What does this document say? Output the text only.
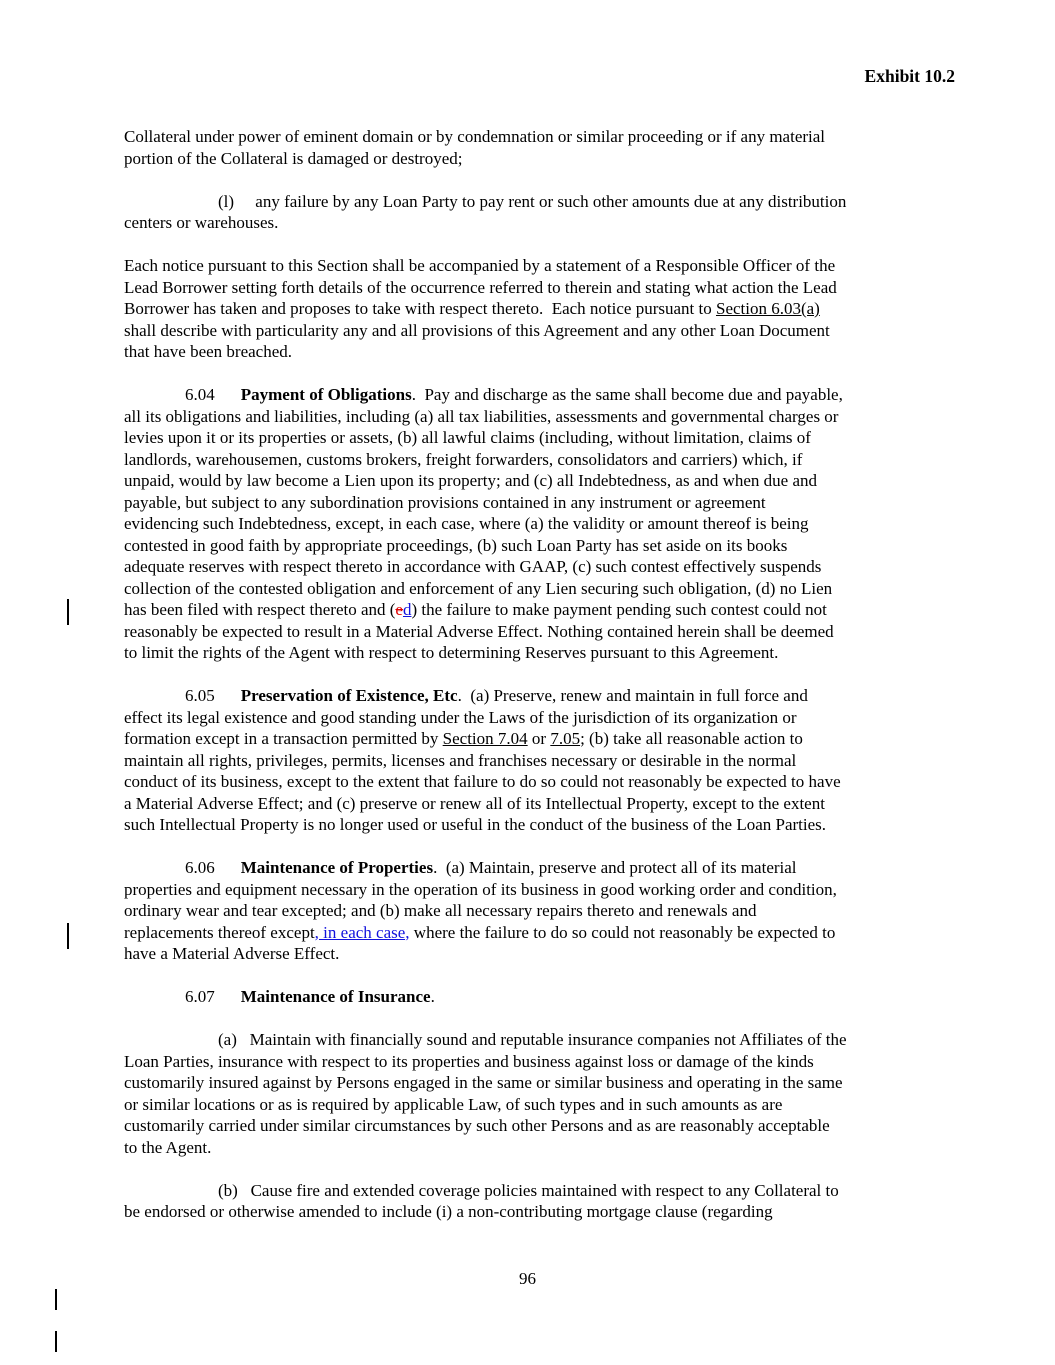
Exhibit 10.2
Collateral under power of eminent domain or by condemnation or similar proceeding or if any material
portion of the Collateral is damaged or destroyed;
(l)     any failure by any Loan Party to pay rent or such other amounts due at any distribution
centers or warehouses.
Each notice pursuant to this Section shall be accompanied by a statement of a Responsible Officer of the
Lead Borrower setting forth details of the occurrence referred to therein and stating what action the Lead
Borrower has taken and proposes to take with respect thereto.  Each notice pursuant to Section 6.03(a)
shall describe with particularity any and all provisions of this Agreement and any other Loan Document
that have been breached.
6.04 Payment of Obligations.  Pay and discharge as the same shall become due and payable,
all its obligations and liabilities, including (a) all tax liabilities, assessments and governmental charges or
levies upon it or its properties or assets, (b) all lawful claims (including, without limitation, claims of
landlords, warehousemen, customs brokers, freight forwarders, consolidators and carriers) which, if
unpaid, would by law become a Lien upon its property; and (c) all Indebtedness, as and when due and
payable, but subject to any subordination provisions contained in any instrument or agreement
evidencing such Indebtedness, except, in each case, where (a) the validity or amount thereof is being
contested in good faith by appropriate proceedings, (b) such Loan Party has set aside on its books
adequate reserves with respect thereto in accordance with GAAP, (c) such contest effectively suspends
collection of the contested obligation and enforcement of any Lien securing such obligation, (d) no Lien
has been filed with respect thereto and (ed) the failure to make payment pending such contest could not
reasonably be expected to result in a Material Adverse Effect. Nothing contained herein shall be deemed
to limit the rights of the Agent with respect to determining Reserves pursuant to this Agreement.
6.05 Preservation of Existence, Etc.  (a) Preserve, renew and maintain in full force and
effect its legal existence and good standing under the Laws of the jurisdiction of its organization or
formation except in a transaction permitted by Section 7.04 or 7.05; (b) take all reasonable action to
maintain all rights, privileges, permits, licenses and franchises necessary or desirable in the normal
conduct of its business, except to the extent that failure to do so could not reasonably be expected to have
a Material Adverse Effect; and (c) preserve or renew all of its Intellectual Property, except to the extent
such Intellectual Property is no longer used or useful in the conduct of the business of the Loan Parties.
6.06 Maintenance of Properties.  (a) Maintain, preserve and protect all of its material
properties and equipment necessary in the operation of its business in good working order and condition,
ordinary wear and tear excepted; and (b) make all necessary repairs thereto and renewals and
replacements thereof except, in each case, where the failure to do so could not reasonably be expected to
have a Material Adverse Effect.
6.07 Maintenance of Insurance.
(a)   Maintain with financially sound and reputable insurance companies not Affiliates of the
Loan Parties, insurance with respect to its properties and business against loss or damage of the kinds
customarily insured against by Persons engaged in the same or similar business and operating in the same
or similar locations or as is required by applicable Law, of such types and in such amounts as are
customarily carried under similar circumstances by such other Persons and as are reasonably acceptable
to the Agent.
(b)   Cause fire and extended coverage policies maintained with respect to any Collateral to
be endorsed or otherwise amended to include (i) a non-contributing mortgage clause (regarding
96
